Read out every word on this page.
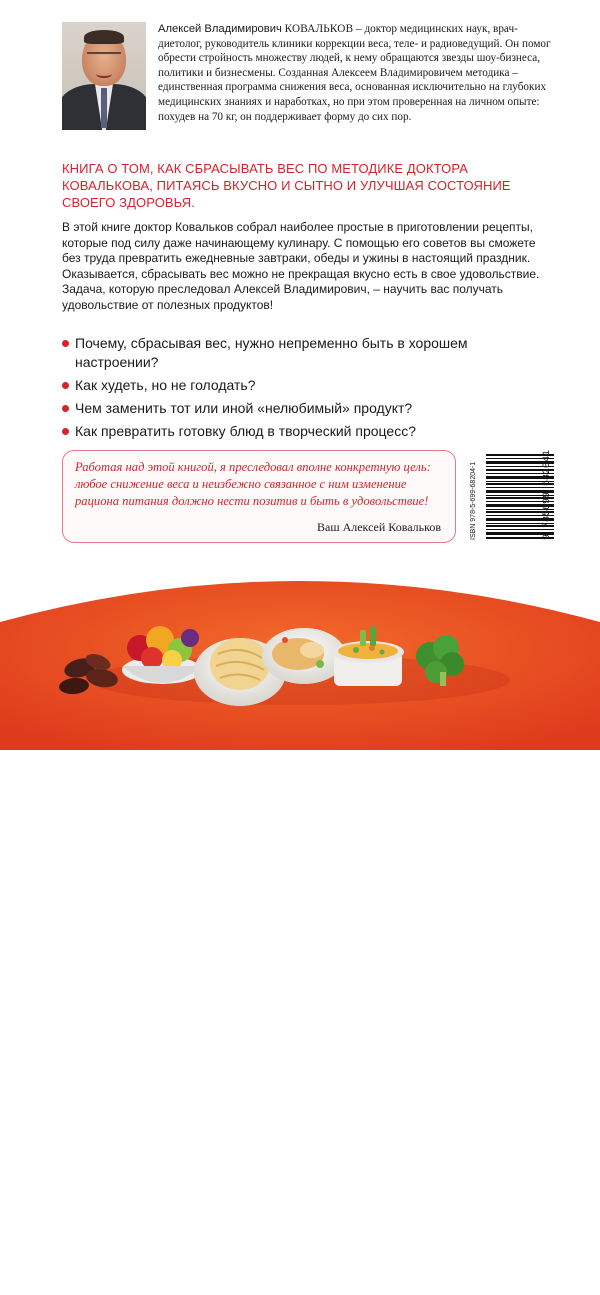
Алексей Владимирович КОВАЛЬКОВ – доктор медицинских наук, врач-диетолог, руководитель клиники коррекции веса, теле- и радиоведущий. Он помог обрести стройность множеству людей, к нему обращаются звезды шоу-бизнеса, политики и бизнесмены. Созданная Алексеем Владимировичем методика – единственная программа снижения веса, основанная исключительно на глубоких медицинских знаниях и наработках, но при этом проверенная на личном опыте: похудев на 70 кг, он поддерживает форму до сих пор.

КНИГА О ТОМ, КАК СБРАСЫВАТЬ ВЕС ПО МЕТОДИКЕ ДОКТОРА КОВАЛЬКОВА, ПИТАЯСЬ ВКУСНО И СЫТНО И УЛУЧШАЯ СОСТОЯНИЕ СВОЕГО ЗДОРОВЬЯ.

В этой книге доктор Ковальков собрал наиболее простые в приготовлении рецепты, которые под силу даже начинающему кулинару. С помощью его советов вы сможете без труда превратить ежедневные завтраки, обеды и ужины в настоящий праздник. Оказывается, сбрасывать вес можно не прекращая вкусно есть в свое удовольствие. Задача, которую преследовал Алексей Владимирович, – научить вас получать удовольствие от полезных продуктов!

Почему, сбрасывая вес, нужно непременно быть в хорошем настроении?
Как худеть, но не голодать?
Чем заменить тот или иной «нелюбимый» продукт?
Как превратить готовку блюд в творческий процесс?

Работая над этой книгой, я преследовал вполне конкретную цель: любое снижение веса и неизбежно связанное с ним изменение рациона питания должно нести позитив и быть в удовольствие!

Ваш Алексей Ковальков	ISBN 978-5-699-68204-1	9 785699 682041

Записаться на прием в «Клинику коррекции веса доктора Ковалькова»
и узнать подробности можно по телефону +7 (495) 508-33-69
